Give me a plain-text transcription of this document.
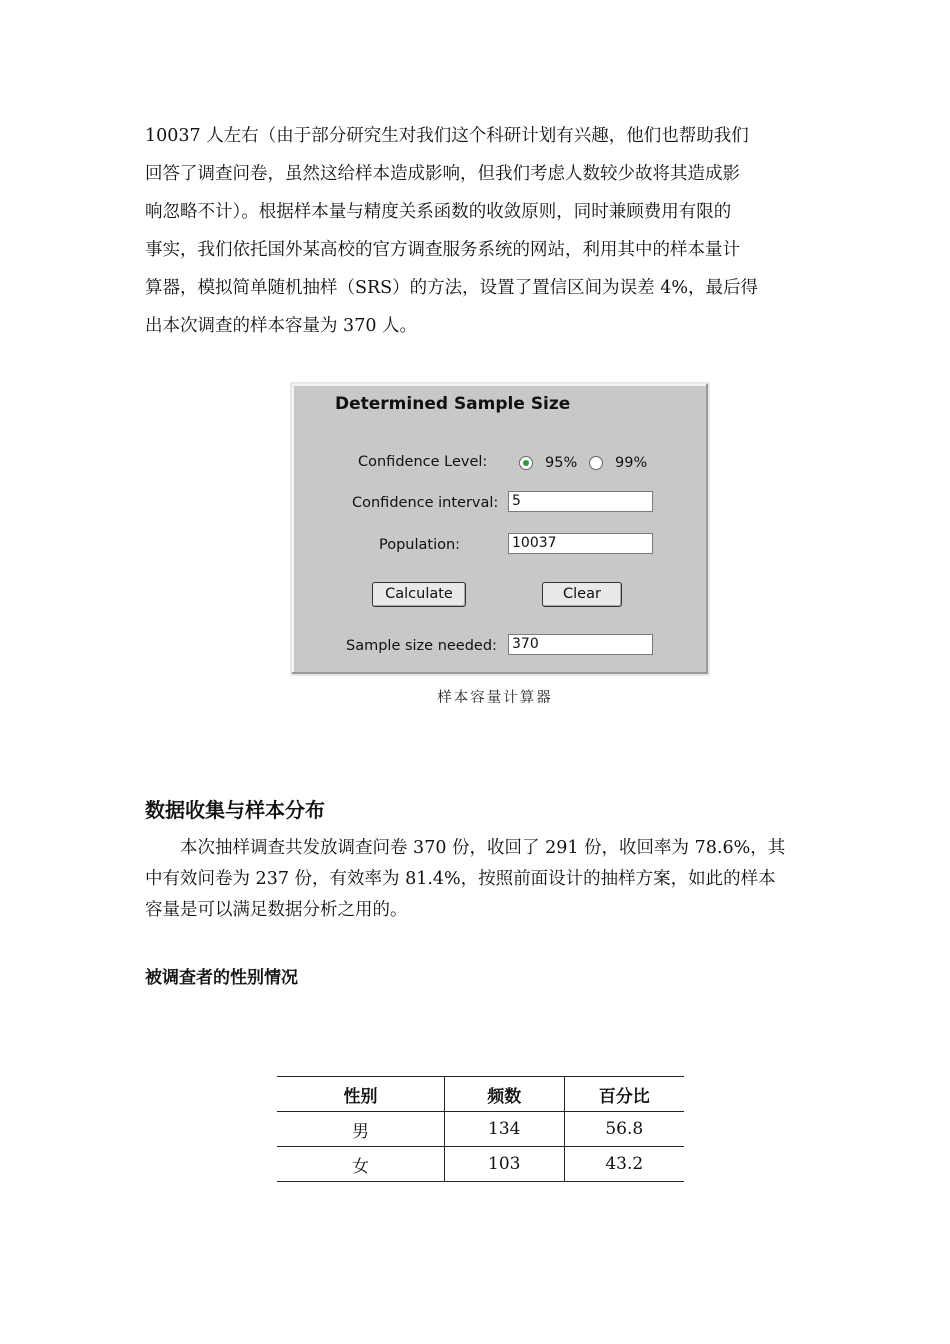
10037 人左右（由于部分研究生对我们这个科研计划有兴趣，他们也帮助我们
回答了调查问卷，虽然这给样本造成影响，但我们考虑人数较少故将其造成影
响忽略不计）。根据样本量与精度关系函数的收敛原则，同时兼顾费用有限的
事实，我们依托国外某高校的官方调查服务系统的网站，利用其中的样本量计
算器，模拟简单随机抽样（SRS）的方法，设置了置信区间为误差 4%，最后得
出本次调查的样本容量为 370 人。
Determined Sample Size
Confidence Level:	95%	99%
Confidence interval: 5
Population:	10037
Calculate	Clear
Sample size needed: 370
样本容量计算器
数据收集与样本分布
本次抽样调查共发放调查问卷 370 份，收回了 291 份，收回率为 78.6%，其
中有效问卷为 237 份，有效率为 81.4%，按照前面设计的抽样方案，如此的样本
容量是可以满足数据分析之用的。
被调查者的性别情况
性别	频数	百分比
男	134	56.8
女	103	43.2
